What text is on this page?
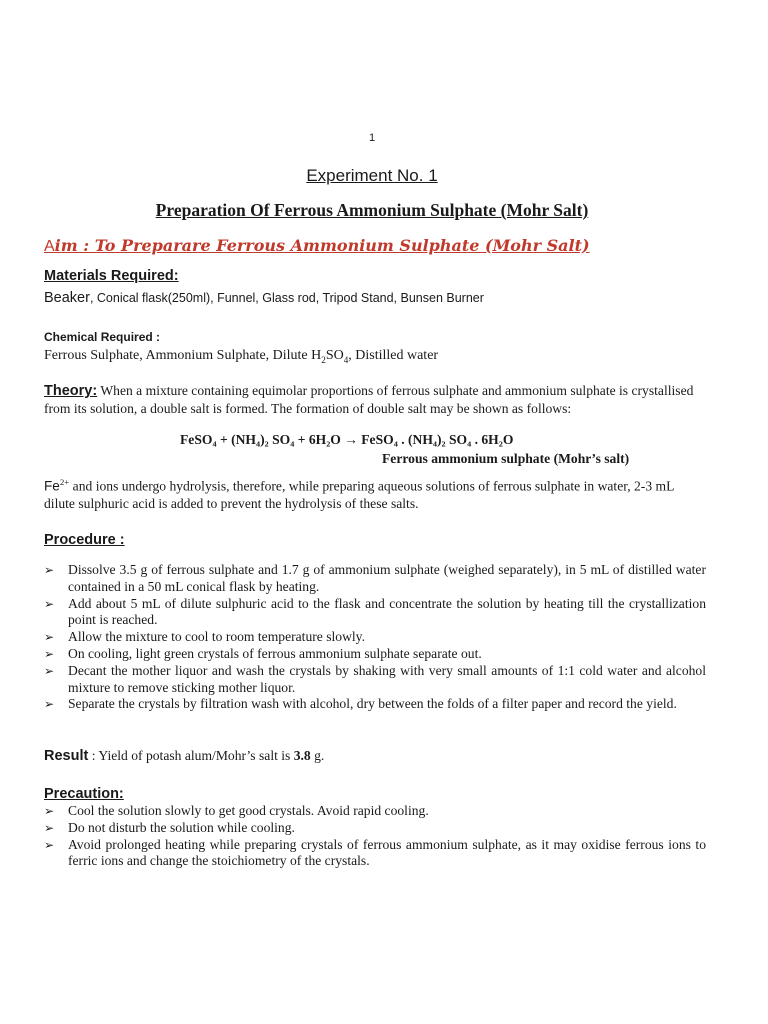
1
Experiment No. 1
Preparation Of Ferrous Ammonium Sulphate (Mohr Salt)
Aim : To Preparare Ferrous Ammonium Sulphate (Mohr Salt)
Materials Required:
Beaker, Conical flask(250ml), Funnel, Glass rod, Tripod Stand, Bunsen Burner
Chemical Required :
Ferrous Sulphate, Ammonium Sulphate, Dilute $H_2SO_4$, Distilled water
Theory: When a mixture containing equimolar proportions of ferrous sulphate and ammonium sulphate is crystallised from its solution, a double salt is formed. The formation of double salt may be shown as follows:
FeSO₄ + (NH₄)₂ SO₄ + 6H₂O → FeSO₄ . (NH₄)₂ SO₄ . 6H₂O
Ferrous ammonium sulphate (Mohr’s salt)
$Fe^{2+}$ and ions undergo hydrolysis, therefore, while preparing aqueous solutions of ferrous sulphate in water, 2-3 mL dilute sulphuric acid is added to prevent the hydrolysis of these salts.
Procedure :
➢ Dissolve 3.5 g of ferrous sulphate and 1.7 g of ammonium sulphate (weighed separately), in 5 mL of distilled water contained in a 50 mL conical flask by heating.
➢ Add about 5 mL of dilute sulphuric acid to the flask and concentrate the solution by heating till the crystallization point is reached.
➢ Allow the mixture to cool to room temperature slowly.
➢ On cooling, light green crystals of ferrous ammonium sulphate separate out.
➢ Decant the mother liquor and wash the crystals by shaking with very small amounts of 1:1 cold water and alcohol mixture to remove sticking mother liquor.
➢ Separate the crystals by filtration wash with alcohol, dry between the folds of a filter paper and record the yield.
Result : Yield of potash alum/Mohr’s salt is 3.8 g.
Precaution:
➢ Cool the solution slowly to get good crystals. Avoid rapid cooling.
➢ Do not disturb the solution while cooling.
➢ Avoid prolonged heating while preparing crystals of ferrous ammonium sulphate, as it may oxidise ferrous ions to ferric ions and change the stoichiometry of the crystals.
